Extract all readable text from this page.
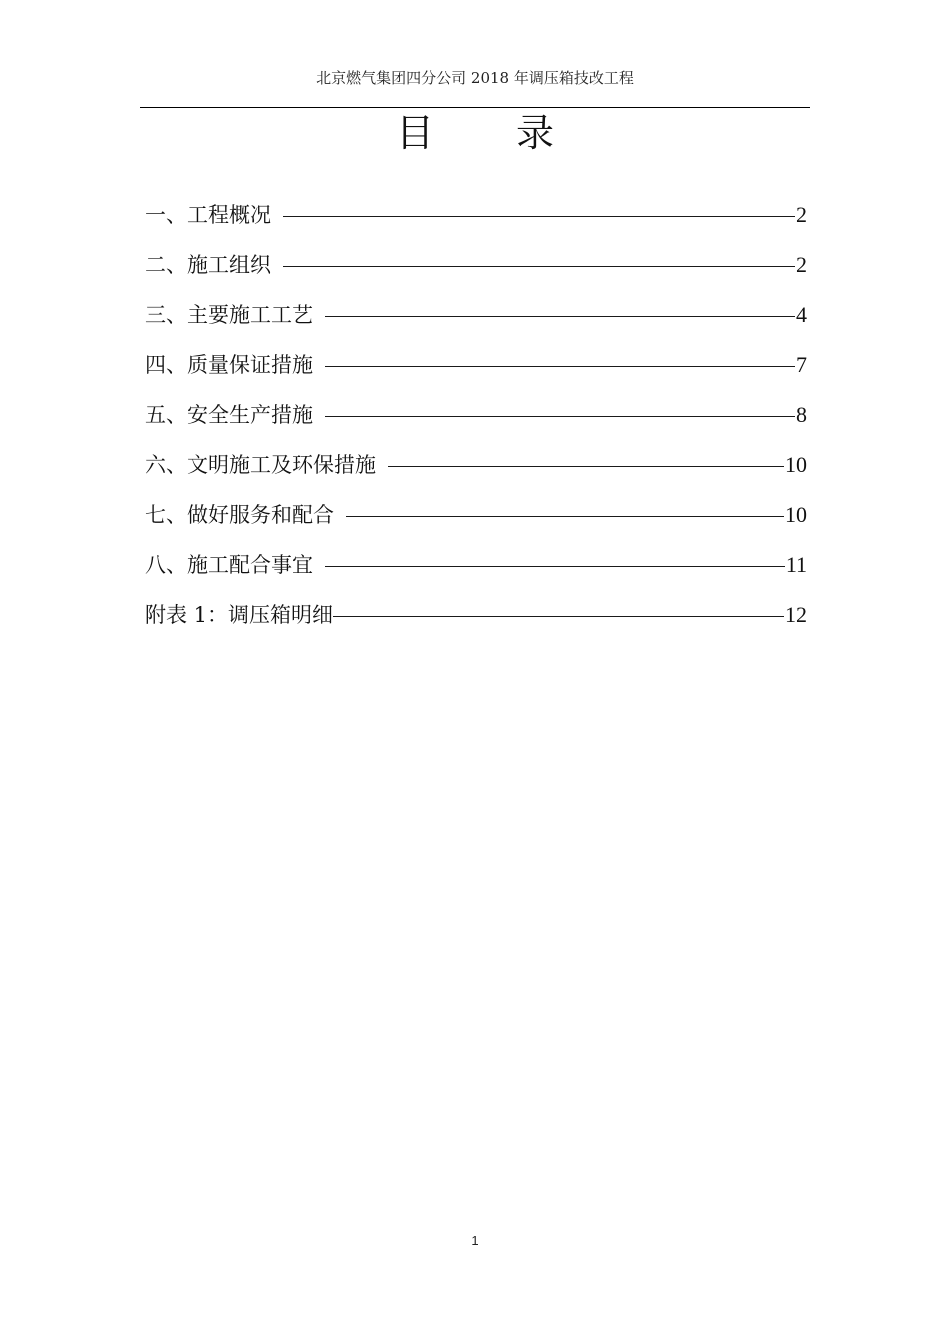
北京燃气集团四分公司 2018 年调压箱技改工程
目 录
一、工程概况	2
二、施工组织	2
三、主要施工工艺	4
四、质量保证措施	7
五、安全生产措施	8
六、文明施工及环保措施	10
七、做好服务和配合	10
八、施工配合事宜	11
附表 1：调压箱明细	12
1
